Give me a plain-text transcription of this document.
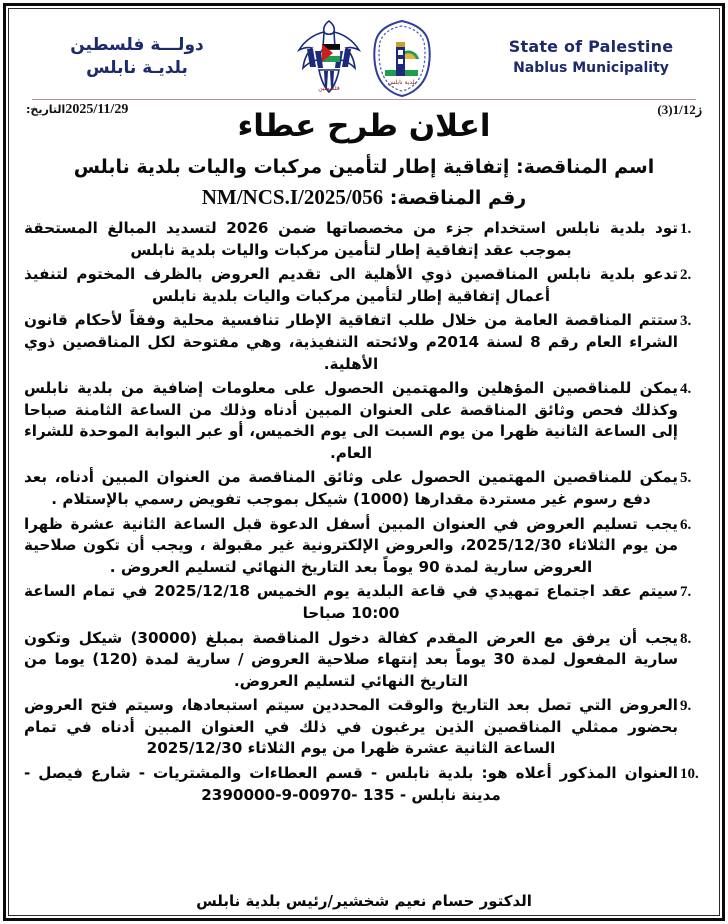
State of Palestine
Nablus Municipality
بلدية نابلس
فلسطين
دولـــة فلسطين
بلديـة نابلس
ز1/12(3)
2025/11/29التاريخ:	اعلان طرح عطاء
اسم المناقصة: إتفاقية إطار لتأمين مركبات واليات بلدية نابلس
رقم المناقصة: NM/NCS.I/2025/056
1.
تود بلدية نابلس استخدام جزء من مخصصاتها ضمن 2026 لتسديد المبالغ المستحقة بموجب عقد إتفاقية إطار لتأمين مركبات واليات بلدية نابلس
2.
تدعو بلدية نابلس المناقصين ذوي الأهلية الى تقديم العروض بالظرف المختوم لتنفيذ أعمال إتفاقية إطار لتأمين مركبات واليات بلدية نابلس
3.
ستتم المناقصة العامة من خلال طلب اتفاقية الإطار تنافسية محلية وفقاً لأحكام قانون الشراء العام رقم 8 لسنة 2014م ولائحته التنفيذية، وهي مفتوحة لكل المناقصين ذوي الأهلية.
4.
يمكن للمناقصين المؤهلين والمهتمين الحصول على معلومات إضافية من بلدية نابلس وكذلك فحص وثائق المناقصة على العنوان المبين أدناه وذلك من الساعة الثامنة صباحا إلى الساعة الثانية ظهرا من يوم السبت الى يوم الخميس، أو عبر البوابة الموحدة للشراء العام.
5.
يمكن للمناقصين المهتمين الحصول على وثائق المناقصة من العنوان المبين أدناه، بعد دفع رسوم غير مستردة مقدارها (1000) شيكل بموجب تفويض رسمي بالإستلام .
6.
يجب تسليم العروض في العنوان المبين أسفل الدعوة قبل الساعة الثانية عشرة ظهرا من يوم الثلاثاء 2025/12/30، والعروض الإلكترونية غير مقبولة ، ويجب أن تكون صلاحية العروض سارية لمدة 90 يوماً بعد التاريخ النهائي لتسليم العروض .
7.
سيتم عقد اجتماع تمهيدي في قاعة البلدية يوم الخميس 2025/12/18 في تمام الساعة 10:00 صباحا
8.
يجب أن يرفق مع العرض المقدم كفالة دخول المناقصة بمبلغ (30000) شيكل وتكون سارية المفعول لمدة 30 يوماً بعد إنتهاء صلاحية العروض / سارية لمدة (120) يوما من التاريخ النهائي لتسليم العروض.
9.
العروض التي تصل بعد التاريخ والوقت المحددين سيتم استبعادها، وسيتم فتح العروض بحضور ممثلي المناقصين الذين يرغبون في ذلك في العنوان المبين أدناه في تمام الساعة الثانية عشرة ظهرا من يوم الثلاثاء 2025/12/30
10.
العنوان المذكور أعلاه هو: بلدية نابلس - قسم العطاءات والمشتريات - شارع فيصل - مدينة نابلس - 135 -00970-9-2390000
الدكتور حسام نعيم شخشير/رئيس بلدية نابلس
